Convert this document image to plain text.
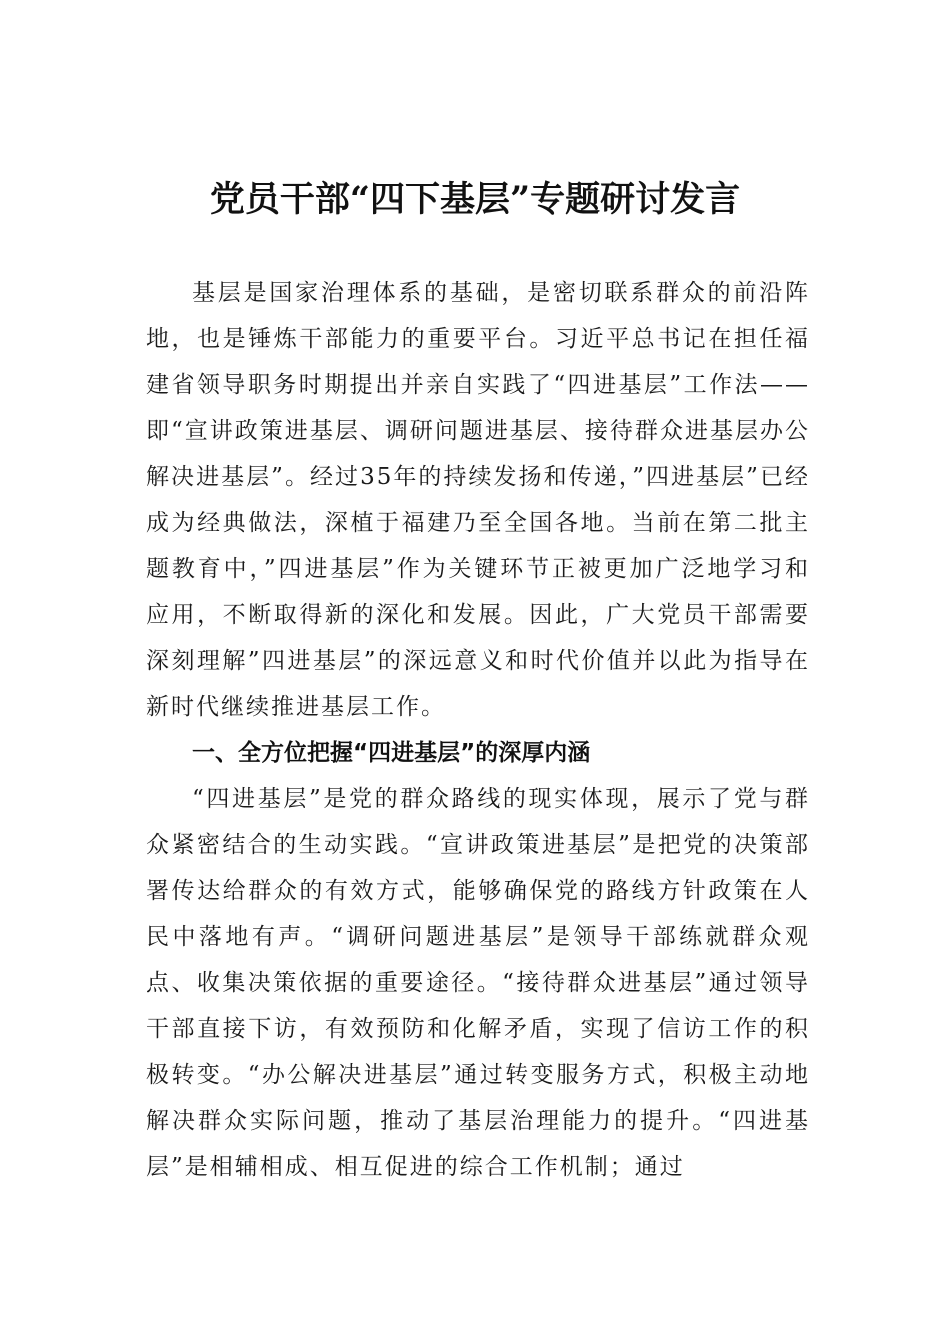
党员干部“四下基层”专题研讨发言

基层是国家治理体系的基础，是密切联系群众的前沿阵地，也是锤炼干部能力的重要平台。习近平总书记在担任福建省领导职务时期提出并亲自实践了“四进基层”工作法——即“宣讲政策进基层、调研问题进基层、接待群众进基层办公解决进基层”。经过35年的持续发扬和传递，”四进基层”已经成为经典做法，深植于福建乃至全国各地。当前在第二批主题教育中，”四进基层”作为关键环节正被更加广泛地学习和应用，不断取得新的深化和发展。因此，广大党员干部需要深刻理解”四进基层”的深远意义和时代价值并以此为指导在新时代继续推进基层工作。

一、全方位把握“四进基层”的深厚内涵

“四进基层”是党的群众路线的现实体现，展示了党与群众紧密结合的生动实践。“宣讲政策进基层”是把党的决策部署传达给群众的有效方式，能够确保党的路线方针政策在人民中落地有声。“调研问题进基层”是领导干部练就群众观点、收集决策依据的重要途径。“接待群众进基层”通过领导干部直接下访，有效预防和化解矛盾，实现了信访工作的积极转变。“办公解决进基层”通过转变服务方式，积极主动地解决群众实际问题，推动了基层治理能力的提升。“四进基层”是相辅相成、相互促进的综合工作机制；通过
